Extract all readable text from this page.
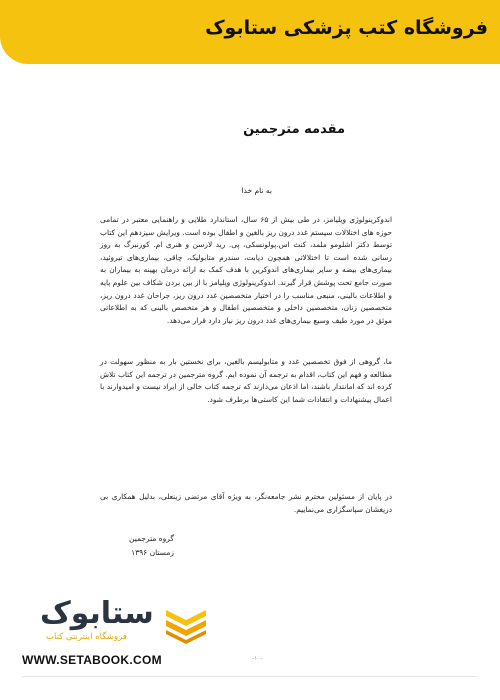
فروشگاه کتب پزشکی ستابوک
مقدمه مترجمین
به نام خدا
اندوکرینولوژی ویلیامز، در طی بیش از ۶۵ سال، استاندارد طلایی و راهنمایی معتبر در تمامی حوزه های اختلالات سیستم غدد درون ریز بالغین و اطفال بوده است. ویرایش سیزدهم این کتاب توسط دکتر اشلومو ملمد، کنث اس.پولونسکی، پی. رید لارسن و هنری ام. کورنبرگ به روز رسانی شده است تا اختلالاتی همچون دیابت، سندرم متابولیک، چاقی، بیماری‌های تیروئید، بیماری‌های بیضه و سایر بیماری‌های اندوکرین با هدف کمک به ارائه درمان بهینه به بیماران به صورت جامع تحت پوشش قرار گیرند. اندوکرینولوژی ویلیامز با از بین بردن شکاف بین علوم پایه و اطلاعات بالینی، منبعی مناسب را در اختیار متخصصین غدد درون ریز، جراحان غدد درون ریز، متخصصین زنان، متخصصین داخلی و متخصصین اطفال و هر متخصص بالینی که به اطلاعاتی موثق در مورد طیف وسیع بیماری‌های غدد درون ریز نیاز دارد قرار می‌دهد.
ما، گروهی از فوق تخصصین غدد و متابولیسم بالغین، برای نخستین بار به منظور سهولت در مطالعه و فهم این کتاب، اقدام به ترجمه آن نموده ایم. گروه مترجمین در ترجمه این کتاب تلاش کرده اند که امانتدار باشند، اما اذعان می‌دارند که ترجمه کتاب خالی از ایراد نیست و امیدوارند با اعمال پیشنهادات و انتقادات شما این کاستی‌ها برطرف شود.
در پایان از مسئولین محترم نشر جامعه‌نگر، به ویژه آقای مرتضی زینعلی، بدلیل همکاری بی دریغشان سپاسگزاری می‌نماییم.
گروه مترجمین
زمستان ۱۳۹۶
ستابوک
فروشگاه اینترنتی کتاب
WWW.SETABOOK.COM	-۱۰-
